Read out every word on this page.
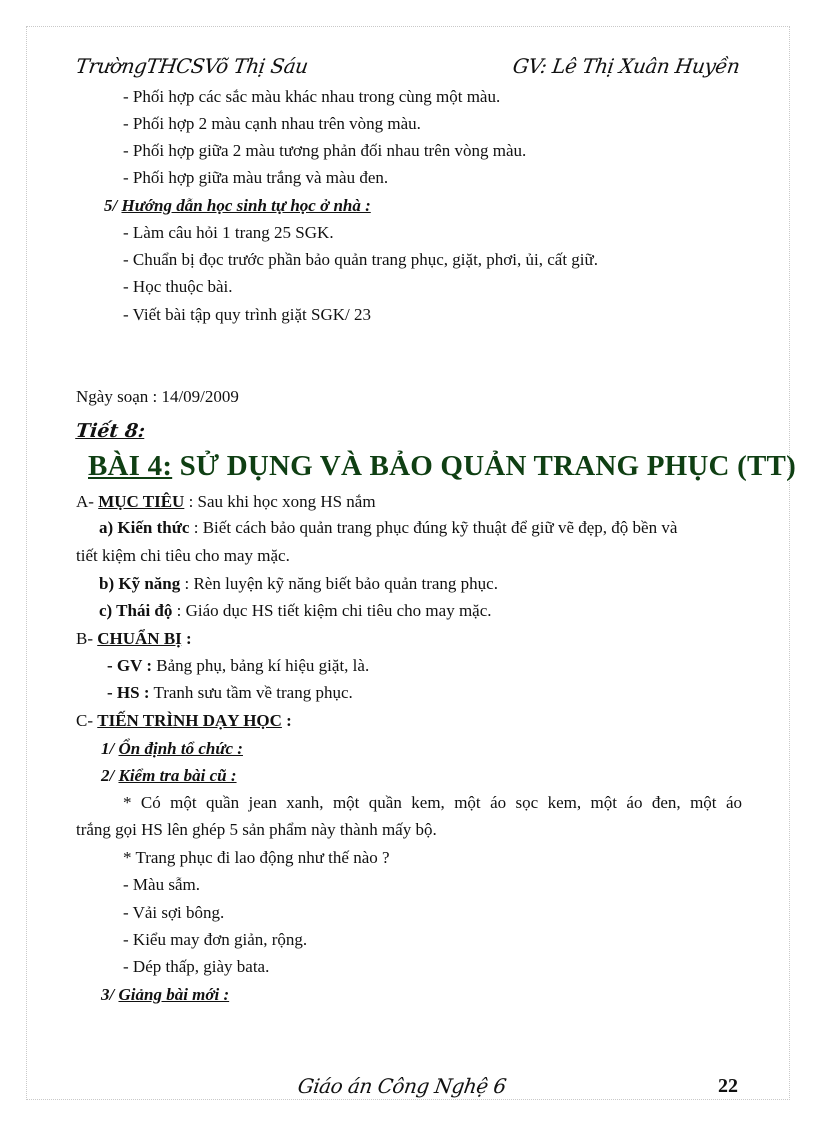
TrườngTHCSVõ Thị Sáu	GV: Lê Thị Xuân Huyền
- Phối hợp các sắc màu khác nhau trong cùng một màu.
- Phối hợp 2 màu cạnh nhau trên vòng màu.
- Phối hợp giữa 2 màu tương phản đối nhau trên vòng màu.
- Phối hợp giữa màu trắng và màu đen.
5/ Hướng dẫn học sinh tự học ở nhà :
- Làm câu hỏi 1 trang 25 SGK.
- Chuẩn bị đọc trước phần bảo quản trang phục, giặt, phơi, ủi, cất giữ.
- Học thuộc bài.
- Viết bài tập quy trình giặt SGK/ 23
Ngày soạn : 14/09/2009
Tiết 8:
BÀI 4: SỬ DỤNG VÀ BẢO QUẢN TRANG PHỤC (TT)
A- MỤC TIÊU : Sau khi học xong HS nắm
a) Kiến thức : Biết cách bảo quản trang phục đúng kỹ thuật để giữ vẽ đẹp, độ bền và
tiết kiệm chi tiêu cho may mặc.
b) Kỹ năng : Rèn luyện kỹ năng biết bảo quản trang phục.
c) Thái độ : Giáo dục HS tiết kiệm chi tiêu cho may mặc.
B- CHUẨN BỊ :
- GV : Bảng phụ, bảng kí hiệu giặt, là.
- HS : Tranh sưu tầm về trang phục.
C- TIẾN TRÌNH DẠY HỌC :
1/ Ổn định tổ chức :
2/ Kiểm tra bài cũ :
* Có một quần jean xanh, một quần kem, một áo sọc kem, một áo đen, một áo
trắng gọi HS lên ghép 5 sản phẩm này thành mấy bộ.
* Trang phục đi lao động như thế nào ?
- Màu sẫm.
- Vải sợi bông.
- Kiểu may đơn giản, rộng.
- Dép thấp, giày bata.
3/ Giảng bài mới :
Giáo án Công Nghệ 6	22
